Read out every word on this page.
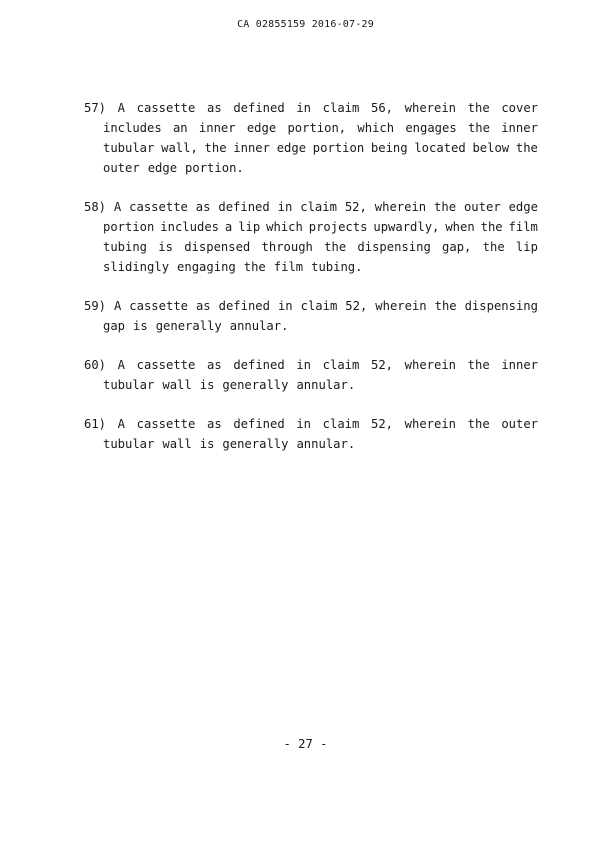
CA 02855159 2016-07-29
57) A cassette as defined in claim 56, wherein the cover
includes an inner edge portion, which engages the inner
tubular wall, the inner edge portion being located below the
outer edge portion.
58) A cassette as defined in claim 52, wherein the outer edge
portion includes a lip which projects upwardly, when the film
tubing is dispensed through the dispensing gap, the lip
slidingly engaging the film tubing.
59) A cassette as defined in claim 52, wherein the dispensing
gap is generally annular.
60) A cassette as defined in claim 52, wherein the inner
tubular wall is generally annular.
61) A cassette as defined in claim 52, wherein the outer
tubular wall is generally annular.
- 27 -
